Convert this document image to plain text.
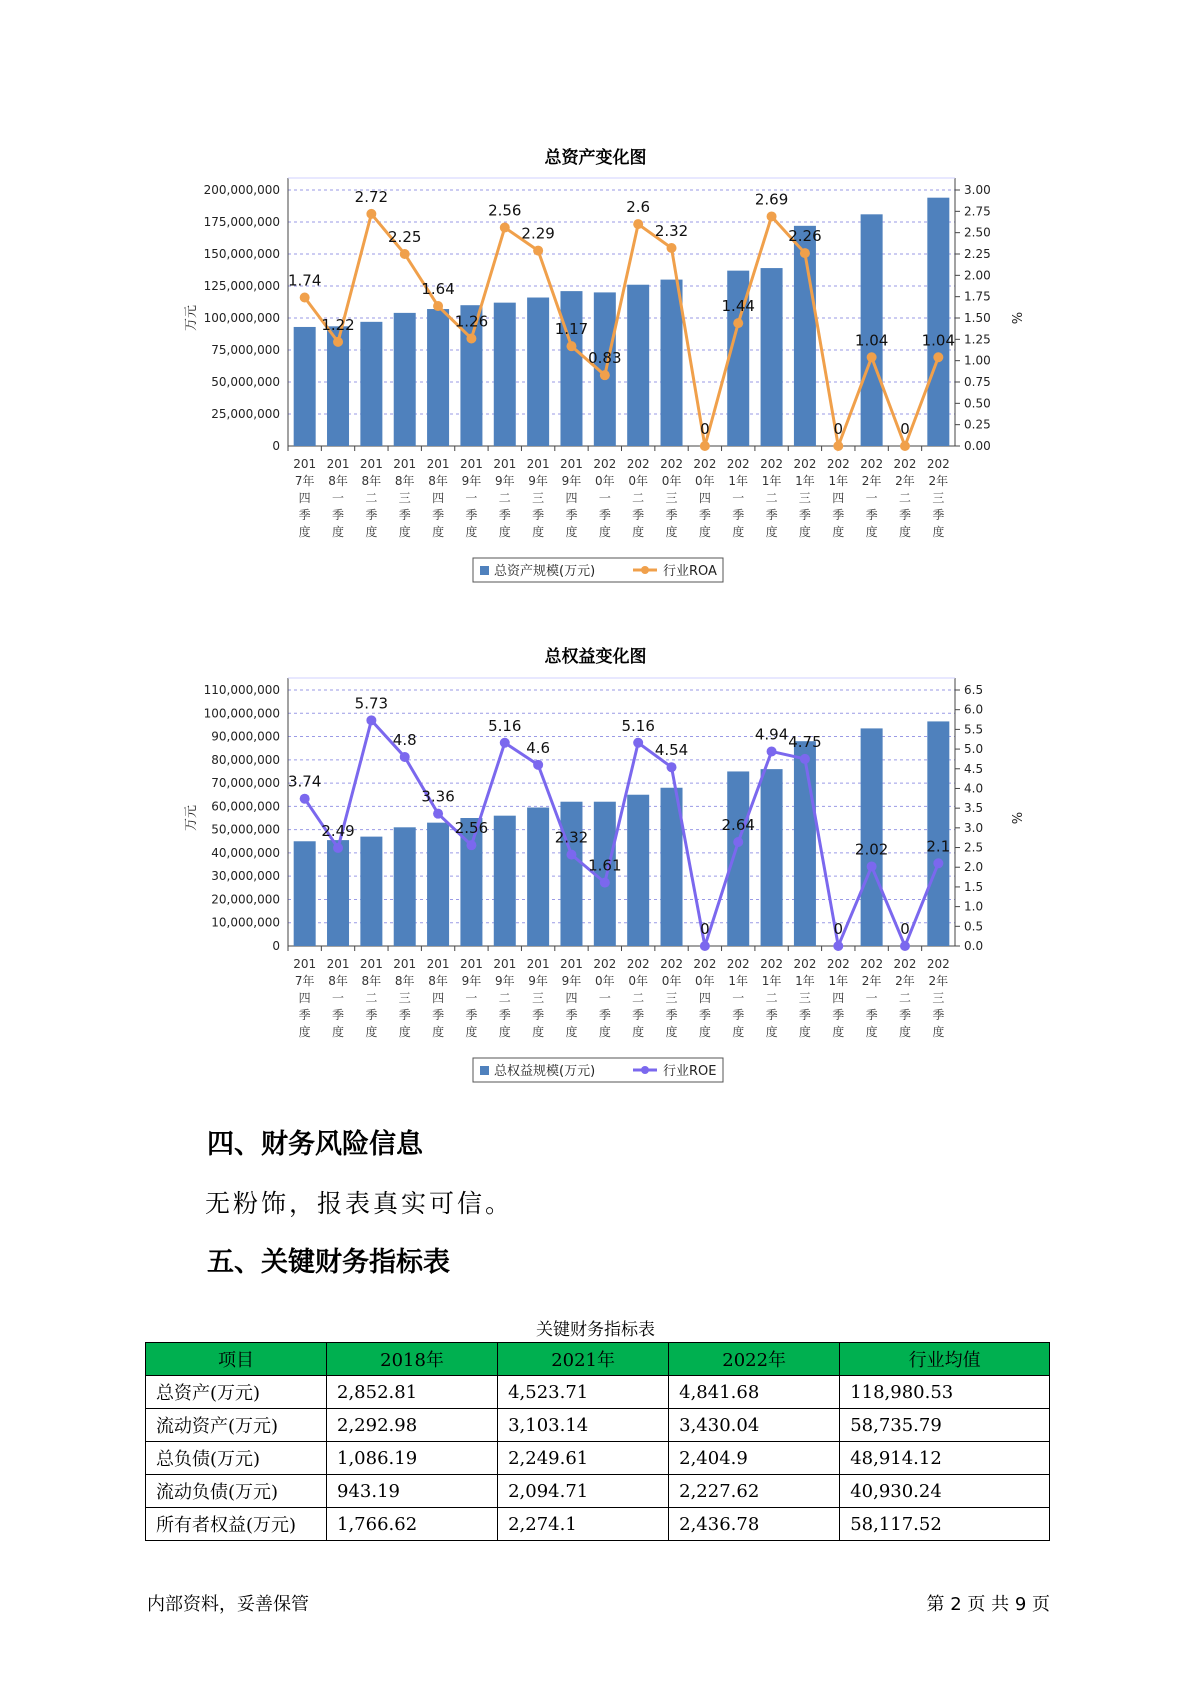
总资产变化图
0
25,000,000
50,000,000
75,000,000
100,000,000
125,000,000
150,000,000
175,000,000
200,000,000
0.00
0.25
0.50
0.75
1.00
1.25
1.50
1.75
2.00
2.25
2.50
2.75
3.00
万元	%
1.74
1.22
2.72
2.25
1.64
1.26
2.56
2.29
1.17
0.83
2.6
2.32
0
1.44
2.69
2.26
0
1.04
0
1.04
201
7年
四
季
度
201
8年
一
季
度
201
8年
二
季
度
201
8年
三
季
度
201
8年
四
季
度
201
9年
一
季
度
201
9年
二
季
度
201
9年
三
季
度
201
9年
四
季
度
202
0年
一
季
度
202
0年
二
季
度
202
0年
三
季
度
202
0年
四
季
度
202
1年
一
季
度
202
1年
二
季
度
202
1年
三
季
度
202
1年
四
季
度
202
2年
一
季
度
202
2年
二
季
度
202
2年
三
季
度
总资产规模(万元)	行业ROA
总权益变化图
0
10,000,000
20,000,000
30,000,000
40,000,000
50,000,000
60,000,000
70,000,000
80,000,000
90,000,000
100,000,000
110,000,000
0.0
0.5
1.0
1.5
2.0
2.5
3.0
3.5
4.0
4.5
5.0
5.5
6.0
6.5
万元	%
3.74
2.49
5.73
4.8
3.36
2.56
5.16
4.6
2.32
1.61
5.16
4.54
0
2.64
4.94 4.75
0
2.02
0
2.1
201
7年
四
季
度
201
8年
一
季
度
201
8年
二
季
度
201
8年
三
季
度
201
8年
四
季
度
201
9年
一
季
度
201
9年
二
季
度
201
9年
三
季
度
201
9年
四
季
度
202
0年
一
季
度
202
0年
二
季
度
202
0年
三
季
度
202
0年
四
季
度
202
1年
一
季
度
202
1年
二
季
度
202
1年
三
季
度
202
1年
四
季
度
202
2年
一
季
度
202
2年
二
季
度
202
2年
三
季
度
总权益规模(万元)	行业ROE
四、财务风险信息
无粉饰，报表真实可信。
五、关键财务指标表
关键财务指标表
项目	2018年	2021年	2022年	行业均值
总资产(万元)	2,852.81	4,523.71	4,841.68	118,980.53
流动资产(万元)	2,292.98	3,103.14	3,430.04	58,735.79
总负债(万元)	1,086.19	2,249.61	2,404.9	48,914.12
流动负债(万元)	943.19	2,094.71	2,227.62	40,930.24
所有者权益(万元)	1,766.62	2,274.1	2,436.78	58,117.52
内部资料，妥善保管	第 2 页 共 9 页
